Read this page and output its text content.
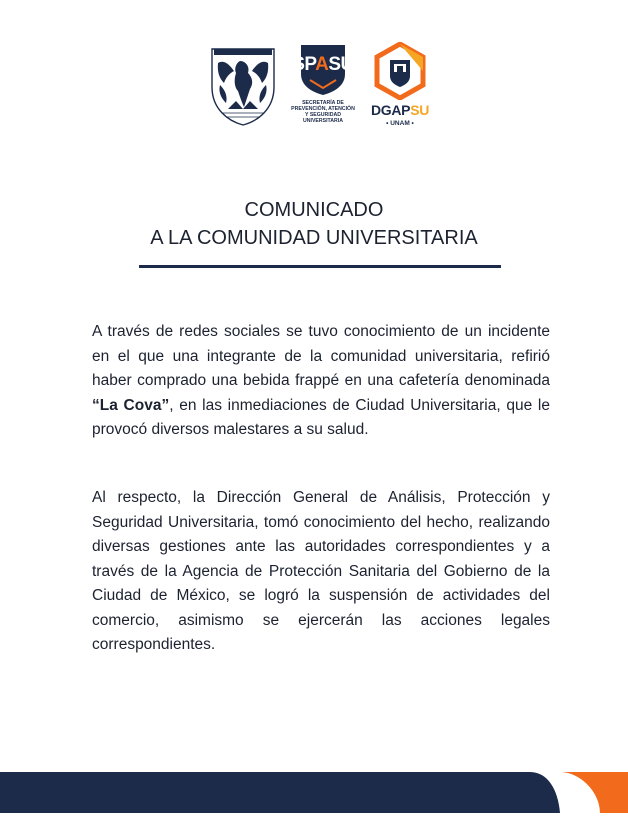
SPASU
SECRETARÍA DE
PREVENCIÓN, ATENCIÓN
Y SEGURIDAD
UNIVERSITARIA
DGAPSU
• UNAM •
COMUNICADO
A LA COMUNIDAD UNIVERSITARIA

A través de redes sociales se tuvo conocimiento de un incidente en el que una integrante de la comunidad universitaria, refirió haber comprado una bebida frappé en una cafetería denominada “La Cova”, en las inmediaciones de Ciudad Universitaria, que le provocó diversos malestares a su salud.

Al respecto, la Dirección General de Análisis, Protección y Seguridad Universitaria, tomó conocimiento del hecho, realizando diversas gestiones ante las autoridades correspondientes y a través de la Agencia de Protección Sanitaria del Gobierno de la Ciudad de México, se logró la suspensión de actividades del comercio, asimismo se ejercerán las acciones legales correspondientes.
